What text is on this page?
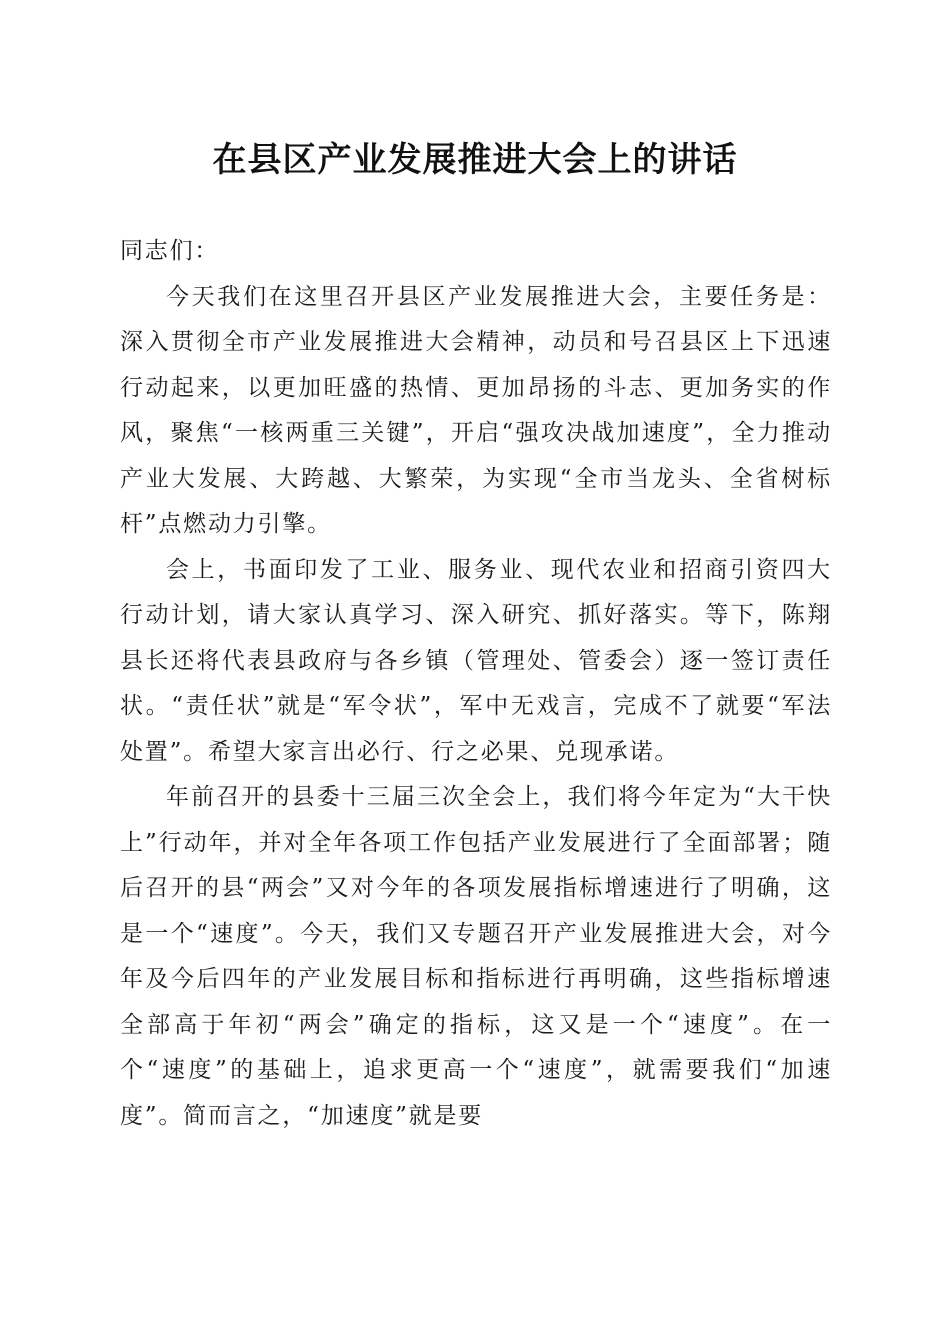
在县区产业发展推进大会上的讲话

同志们：

今天我们在这里召开县区产业发展推进大会，主要任务是：深入贯彻全市产业发展推进大会精神，动员和号召县区上下迅速行动起来，以更加旺盛的热情、更加昂扬的斗志、更加务实的作风，聚焦“一核两重三关键”，开启“强攻决战加速度”，全力推动产业大发展、大跨越、大繁荣，为实现“全市当龙头、全省树标杆”点燃动力引擎。

会上，书面印发了工业、服务业、现代农业和招商引资四大行动计划，请大家认真学习、深入研究、抓好落实。等下，陈翔县长还将代表县政府与各乡镇（管理处、管委会）逐一签订责任状。“责任状”就是“军令状”，军中无戏言，完成不了就要“军法处置”。希望大家言出必行、行之必果、兑现承诺。

年前召开的县委十三届三次全会上，我们将今年定为“大干快上”行动年，并对全年各项工作包括产业发展进行了全面部署；随后召开的县“两会”又对今年的各项发展指标增速进行了明确，这是一个“速度”。今天，我们又专题召开产业发展推进大会，对今年及今后四年的产业发展目标和指标进行再明确，这些指标增速全部高于年初“两会”确定的指标，这又是一个“速度”。在一个“速度”的基础上，追求更高一个“速度”，就需要我们“加速度”。简而言之，“加速度”就是要
